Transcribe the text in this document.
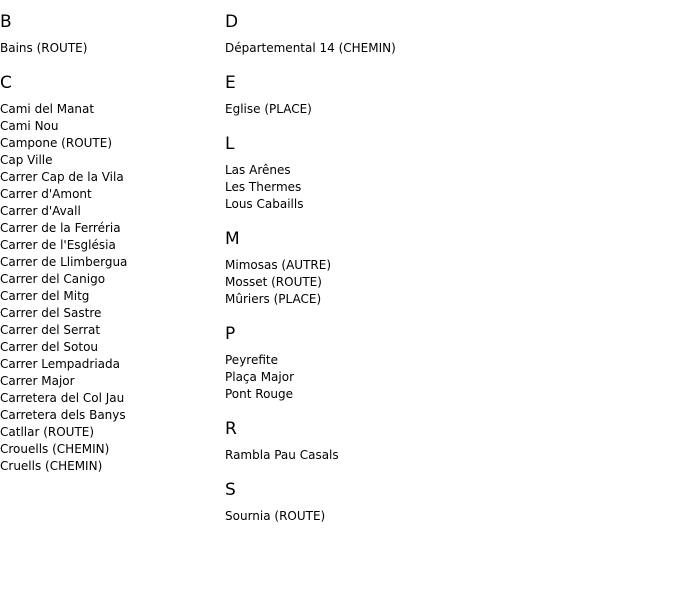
B
Bains (ROUTE)
C
Cami del Manat
Cami Nou
Campone (ROUTE)
Cap Ville
Carrer Cap de la Vila
Carrer d'Amont
Carrer d'Avall
Carrer de la Ferréria
Carrer de l'Església
Carrer de Llimbergua
Carrer del Canigo
Carrer del Mitg
Carrer del Sastre
Carrer del Serrat
Carrer del Sotou
Carrer Lempadriada
Carrer Major
Carretera del Col Jau
Carretera dels Banys
Catllar (ROUTE)
Crouells (CHEMIN)
Cruells (CHEMIN)
D
Départemental 14 (CHEMIN)
E
Eglise (PLACE)
L
Las Arênes
Les Thermes
Lous Cabaills
M
Mimosas (AUTRE)
Mosset (ROUTE)
Mûriers (PLACE)
P
Peyrefite
Plaça Major
Pont Rouge
R
Rambla Pau Casals
S
Sournia (ROUTE)
